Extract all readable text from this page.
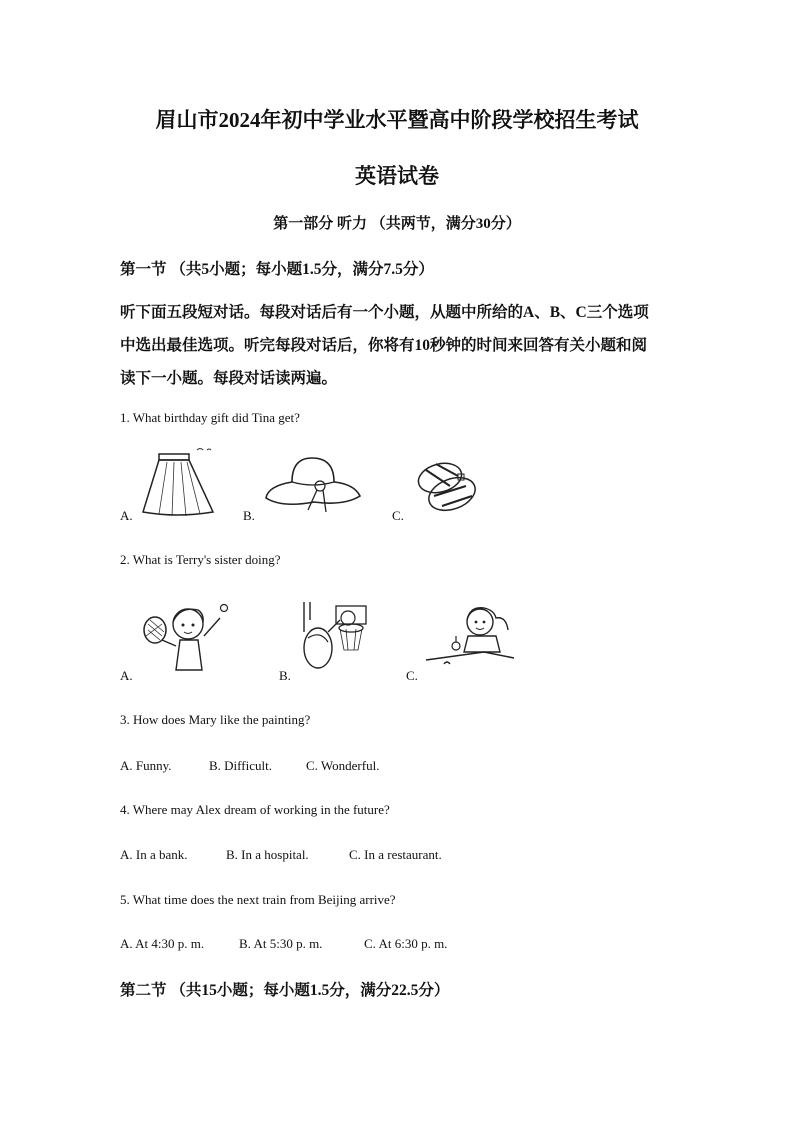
眉山市2024年初中学业水平暨高中阶段学校招生考试
英语试卷
第一部分 听力 （共两节，满分30分）
第一节 （共5小题；每小题1.5分，满分7.5分）
听下面五段短对话。每段对话后有一个小题，从题中所给的A、B、C三个选项
中选出最佳选项。听完每段对话后，你将有10秒钟的时间来回答有关小题和阅
读下一小题。每段对话读两遍。
1. What birthday gift did Tina get?
A.	B.	C.
2. What is Terry's sister doing?
A.	B.	C.
3. How does Mary like the painting?
A. Funny.	B. Difficult.	C. Wonderful.
4. Where may Alex dream of working in the future?
A. In a bank.	B. In a hospital.	C. In a restaurant.
5. What time does the next train from Beijing arrive?
A. At 4:30 p. m.	B. At 5:30 p. m.	C. At 6:30 p. m.
第二节 （共15小题；每小题1.5分，满分22.5分）
